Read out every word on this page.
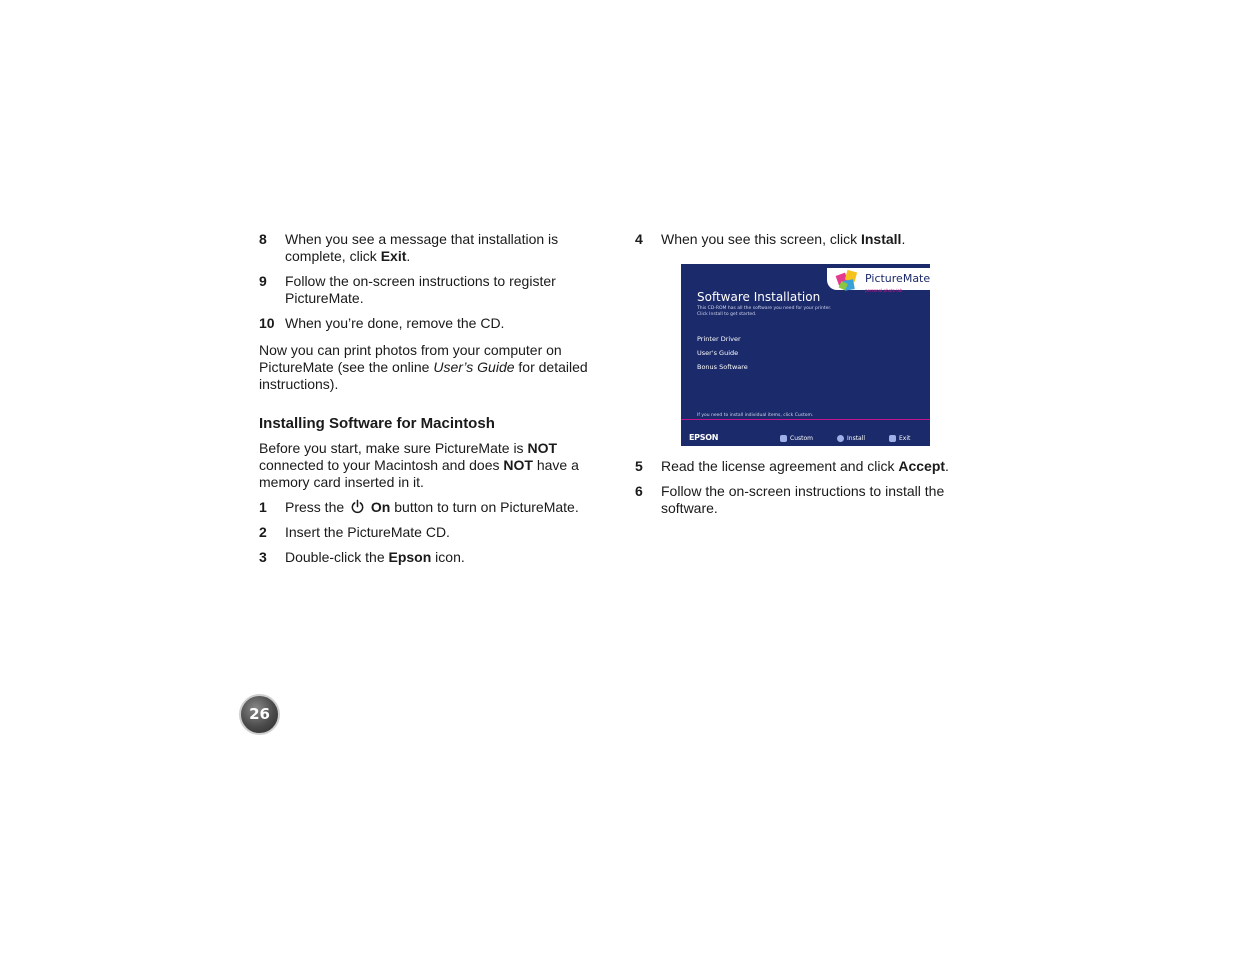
8	When you see a message that installation is complete, click Exit.
9	Follow the on-screen instructions to register PictureMate.
10 When you’re done, remove the CD.

Now you can print photos from your computer on PictureMate (see the online User’s Guide for detailed instructions).

Installing Software for Macintosh

Before you start, make sure PictureMate is NOT connected to your Macintosh and does NOT have a memory card inserted in it.

1	Press the  On button to turn on PictureMate.
2	Insert the PictureMate CD.
3	Double-click the Epson icon.
4	When you see this screen, click Install.
PictureMate
personal photo lab
Software Installation
This CD-ROM has all the software you need for your printer.
Click Install to get started.
Printer Driver
User's Guide
Bonus Software
If you need to install individual items, click Custom.
EPSON	Custom	Install	Exit
5	Read the license agreement and click Accept.
6	Follow the on-screen instructions to install the software.
26
